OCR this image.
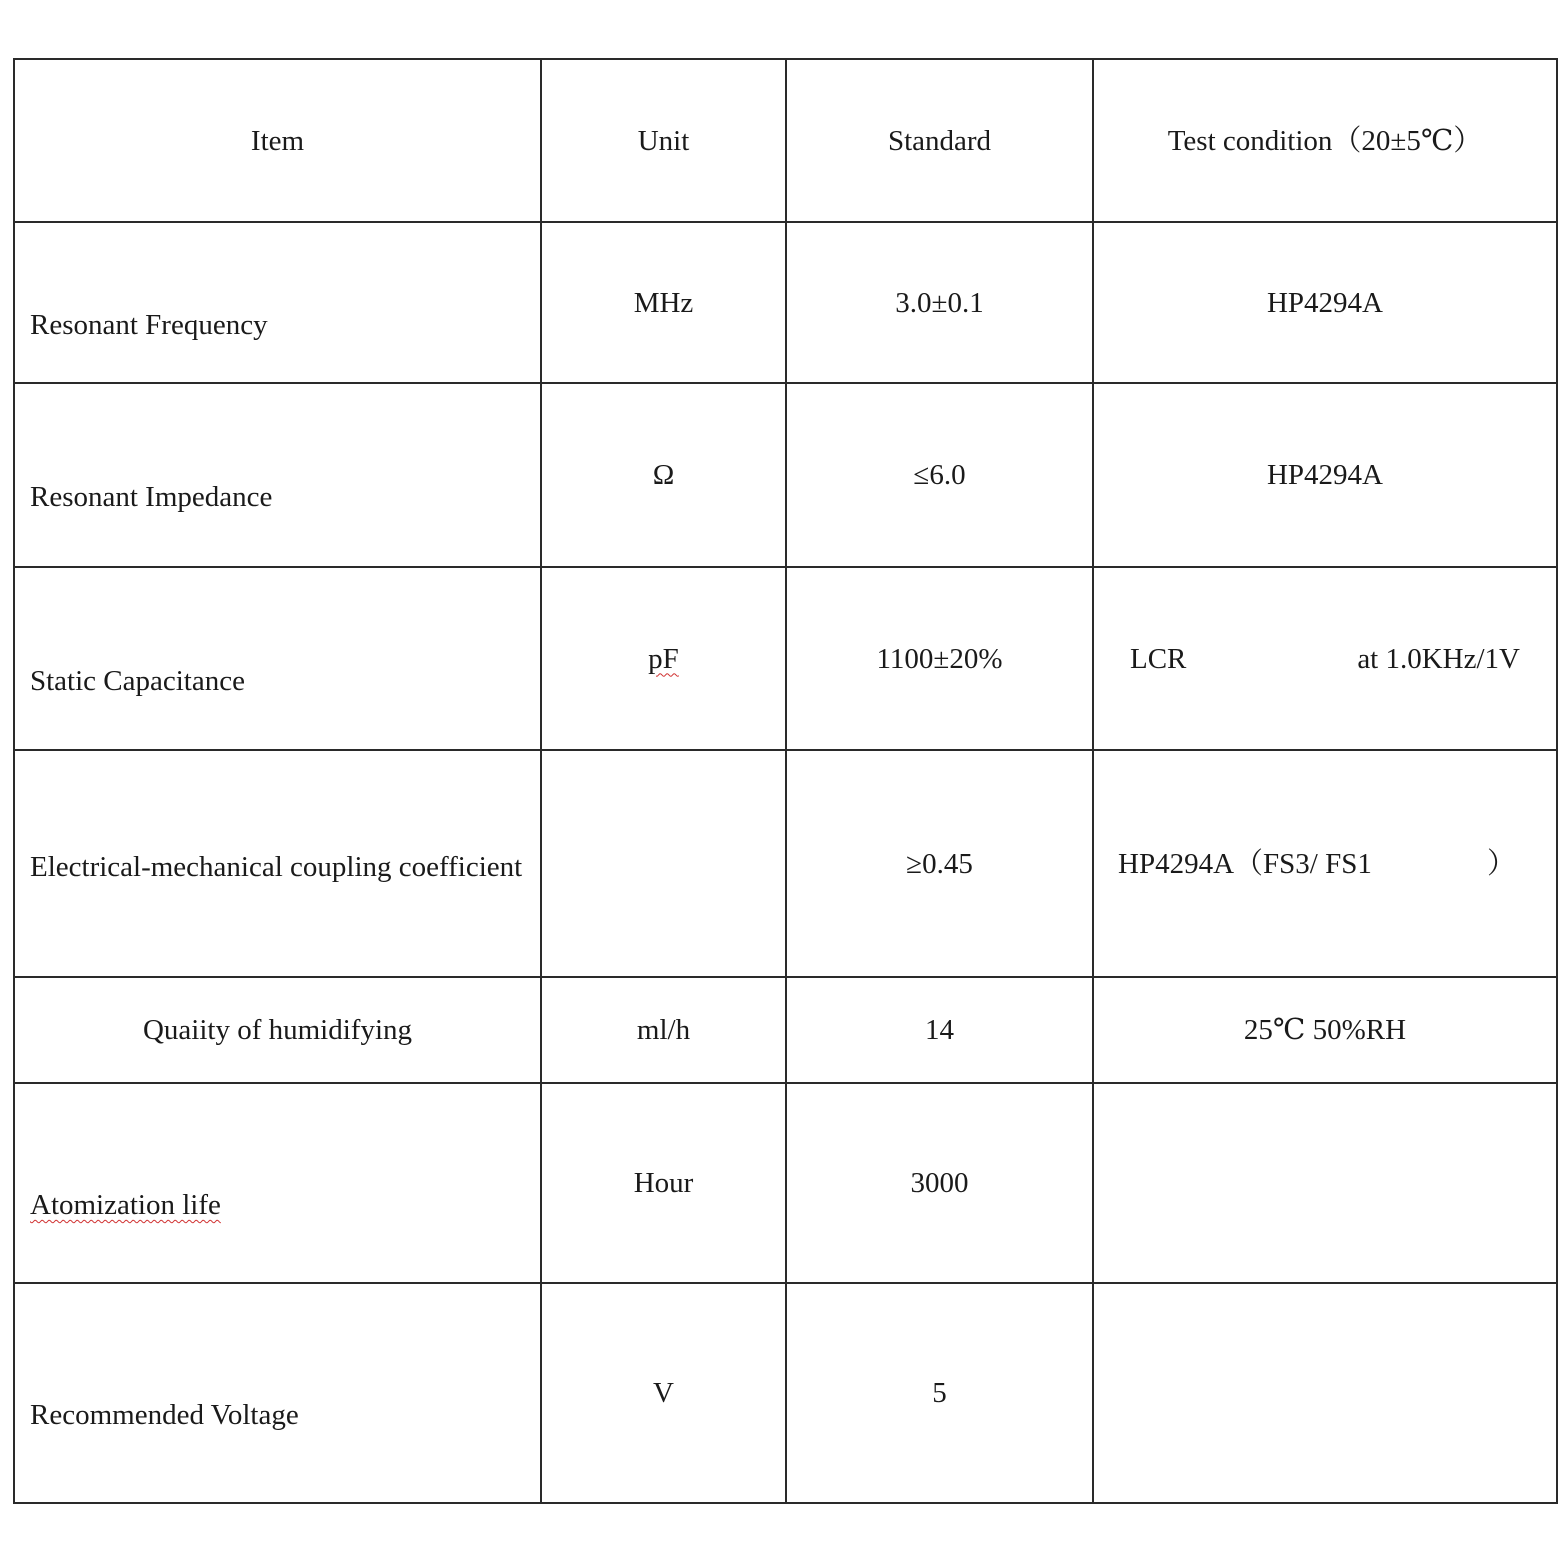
Item	Unit	Standard	Test condition（20±5℃）
Resonant Frequency	MHz	3.0±0.1	HP4294A
Resonant Impedance	Ω	≤6.0	HP4294A
Static Capacitance	pF	1100±20%	LCR at 1.0KHz/1V

Electrical-mechanical coupling coefficient		≥0.45	HP4294A（FS3/ FS1 ）

Quaiity of humidifying	ml/h	14	25℃ 50%RH
Atomization life	Hour	3000	
Recommended Voltage	V	5	
